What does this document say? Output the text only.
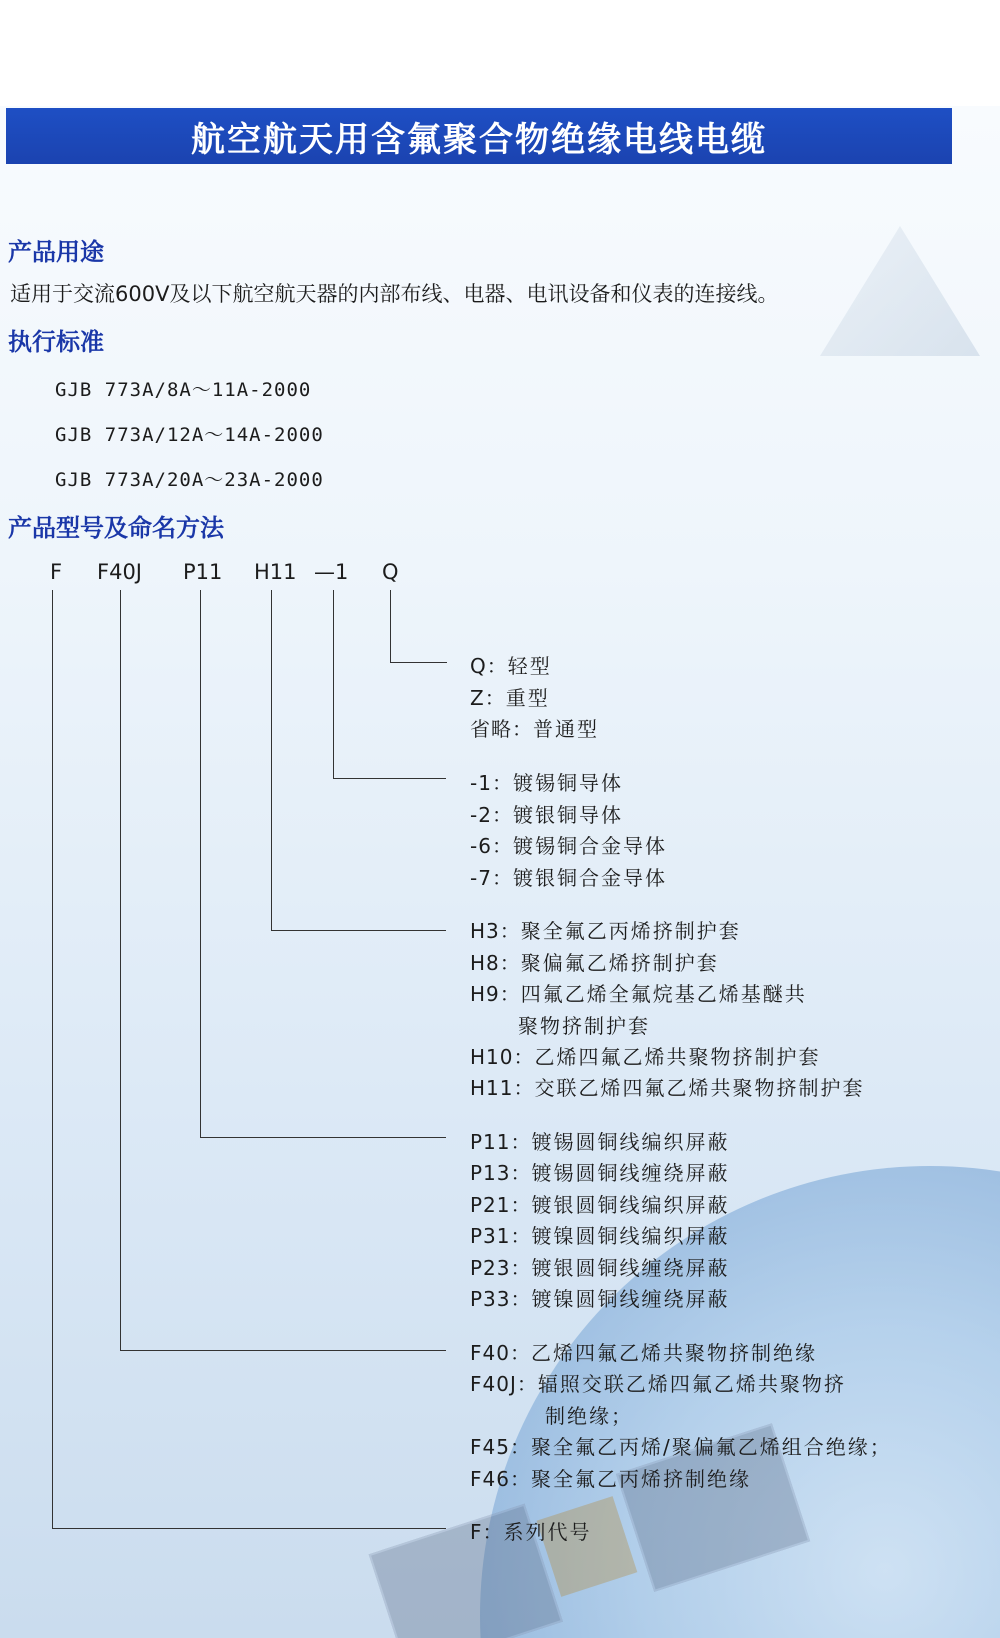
航空航天用含氟聚合物绝缘电线电缆
产品用途
适用于交流600V及以下航空航天器的内部布线、电器、电讯设备和仪表的连接线。
执行标准
GJB 773A/8A～11A-2000
GJB 773A/12A～14A-2000
GJB 773A/20A～23A-2000
产品型号及命名方法
F F40J P11 H11 —1 Q
Q：轻型
Z：重型
省略：普通型
-1：镀锡铜导体
-2：镀银铜导体
-6：镀锡铜合金导体
-7：镀银铜合金导体
H3：聚全氟乙丙烯挤制护套
H8：聚偏氟乙烯挤制护套
H9：四氟乙烯全氟烷基乙烯基醚共
聚物挤制护套
H10：乙烯四氟乙烯共聚物挤制护套
H11：交联乙烯四氟乙烯共聚物挤制护套
P11：镀锡圆铜线编织屏蔽
P13：镀锡圆铜线缠绕屏蔽
P21：镀银圆铜线编织屏蔽
P31：镀镍圆铜线编织屏蔽
P23：镀银圆铜线缠绕屏蔽
P33：镀镍圆铜线缠绕屏蔽
F40：乙烯四氟乙烯共聚物挤制绝缘
F40J：辐照交联乙烯四氟乙烯共聚物挤
制绝缘；
F45：聚全氟乙丙烯/聚偏氟乙烯组合绝缘；
F46：聚全氟乙丙烯挤制绝缘
F：系列代号
